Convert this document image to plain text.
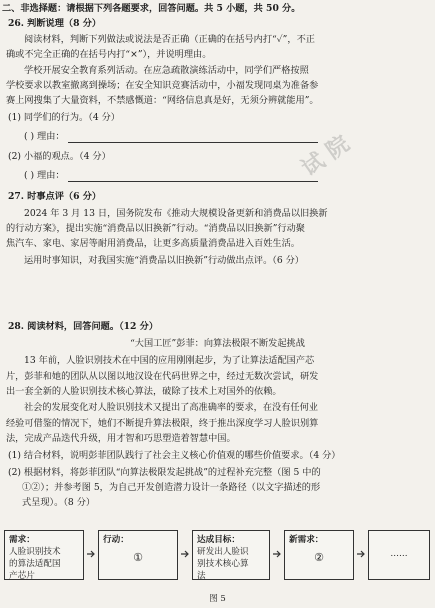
二、非选择题：请根据下列各题要求，回答问题。共 5 小题，共 50 分。
26. 判断说理（8 分）
阅读材料，判断下列做法或说法是否正确（正确的在括号内打“✓”，不正
确或不完全正确的在括号内打“×”），并说明理由。
学校开展安全教育系列活动。在应急疏散演练活动中，同学们严格按照
学校要求以教室撤离到操场；在安全知识竞赛活动中，小福发现同桌为准备参
赛上网搜集了大量资料，不禁感慨道：“网络信息真是好，无须分辨就能用”。
(1) 同学们的行为。（4 分）
( ) 理由：
(2) 小福的观点。（4 分）
( ) 理由：
27. 时事点评（6 分）
2024 年 3 月 13 日，国务院发布《推动大规模设备更新和消费品以旧换新
的行动方案》，提出实施“消费品以旧换新”行动。“消费品以旧换新”行动聚
焦汽车、家电、家居等耐用消费品，让更多高质量消费品进入百姓生活。
运用时事知识，对我国实施“消费品以旧换新”行动做出点评。（6 分）
28. 阅读材料，回答问题。（12 分）
“大国工匠”彭菲：向算法极限不断发起挑战
13 年前，人脸识别技术在中国的应用刚刚起步，为了让算法适配国产芯
片，彭菲和她的团队从以图以地汉设在代码世界之中，经过无数次尝试，研发
出一套全新的人脸识别技术核心算法，破除了技术上对国外的依赖。
社会的发展变化对人脸识别技术又提出了高准确率的要求，在没有任何业
经验可借鉴的情况下，她们不断提升算法极限，终于推出深度学习人脸识别算
法，完成产品迭代升级，用才智和巧思塑造着智慧中国。
(1) 结合材料，说明彭菲团队践行了社会主义核心价值观的哪些价值要求。（4 分）
(2) 根据材料，将彭菲团队“向算法极限发起挑战”的过程补充完整（图 5 中的
①②）；并参考图 5，为自己开发创造潜力设计一条路径（以文字描述的形
式呈现）。（8 分）
需求：
人脸识别技术
的算法适配国
产芯片
行动：
①
达成目标：
研发出人脸识
别技术核心算
法
新需求：
②	……
图 5
试 院
